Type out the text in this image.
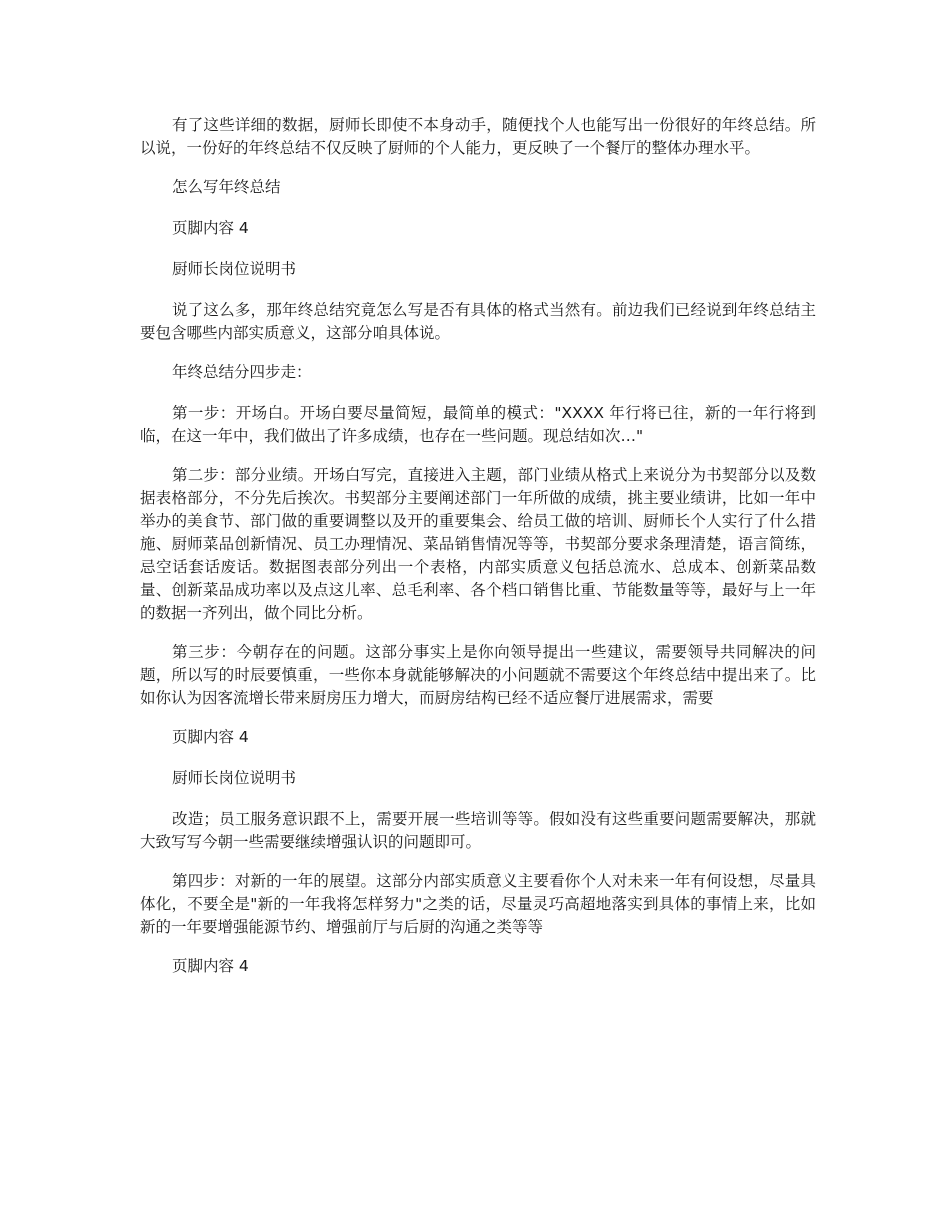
有了这些详细的数据，厨师长即使不本身动手，随便找个人也能写出一份很好的年终总结。所以说，一份好的年终总结不仅反映了厨师的个人能力，更反映了一个餐厅的整体办理水平。

怎么写年终总结

页脚内容 4

厨师长岗位说明书

说了这么多，那年终总结究竟怎么写是否有具体的格式当然有。前边我们已经说到年终总结主要包含哪些内部实质意义，这部分咱具体说。

年终总结分四步走：

第一步：开场白。开场白要尽量简短，最简单的模式："XXXX 年行将已往，新的一年行将到临，在这一年中，我们做出了许多成绩，也存在一些问题。现总结如次…"

第二步：部分业绩。开场白写完，直接进入主题，部门业绩从格式上来说分为书契部分以及数据表格部分，不分先后挨次。书契部分主要阐述部门一年所做的成绩，挑主要业绩讲，比如一年中举办的美食节、部门做的重要调整以及开的重要集会、给员工做的培训、厨师长个人实行了什么措施、厨师菜品创新情况、员工办理情况、菜品销售情况等等，书契部分要求条理清楚，语言简练，忌空话套话废话。数据图表部分列出一个表格，内部实质意义包括总流水、总成本、创新菜品数量、创新菜品成功率以及点这儿率、总毛利率、各个档口销售比重、节能数量等等，最好与上一年的数据一齐列出，做个同比分析。

第三步：今朝存在的问题。这部分事实上是你向领导提出一些建议，需要领导共同解决的问题，所以写的时辰要慎重，一些你本身就能够解决的小问题就不需要这个年终总结中提出来了。比如你认为因客流增长带来厨房压力增大，而厨房结构已经不适应餐厅进展需求，需要

页脚内容 4

厨师长岗位说明书

改造；员工服务意识跟不上，需要开展一些培训等等。假如没有这些重要问题需要解决，那就大致写写今朝一些需要继续增强认识的问题即可。

第四步：对新的一年的展望。这部分内部实质意义主要看你个人对未来一年有何设想，尽量具体化，不要全是"新的一年我将怎样努力"之类的话，尽量灵巧高超地落实到具体的事情上来，比如新的一年要增强能源节约、增强前厅与后厨的沟通之类等等

页脚内容 4
